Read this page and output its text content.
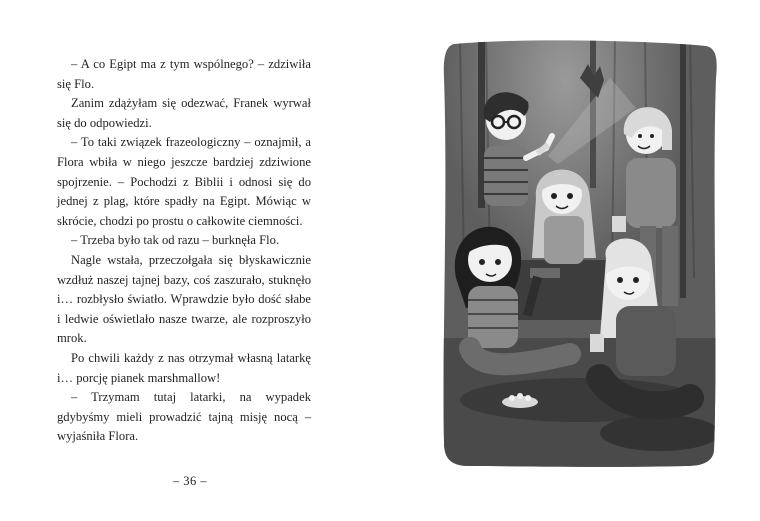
– A co Egipt ma z tym wspólnego? – zdziwiła się Flo.

Zanim zdążyłam się odezwać, Franek wyrwał się do odpowiedzi.

– To taki związek frazeologiczny – oznajmił, a Flora wbiła w niego jeszcze bardziej zdziwione spojrzenie. – Pochodzi z Biblii i odnosi się do jednej z plag, które spadły na Egipt. Mówiąc w skrócie, chodzi po prostu o całkowite ciemności.

– Trzeba było tak od razu – burknęła Flo.

Nagle wstała, przeczołgała się błyskawicznie wzdłuż naszej tajnej bazy, coś zaszurało, stuknęło i… rozbłysło światło. Wprawdzie było dość słabe i ledwie oświetlało nasze twarze, ale rozproszyło mrok.

Po chwili każdy z nas otrzymał własną latarkę i… porcję pianek marshmallow!

– Trzymam tutaj latarki, na wypadek gdybyśmy mieli prowadzić tajną misję nocą – wyjaśniła Flora.

– 36 –
